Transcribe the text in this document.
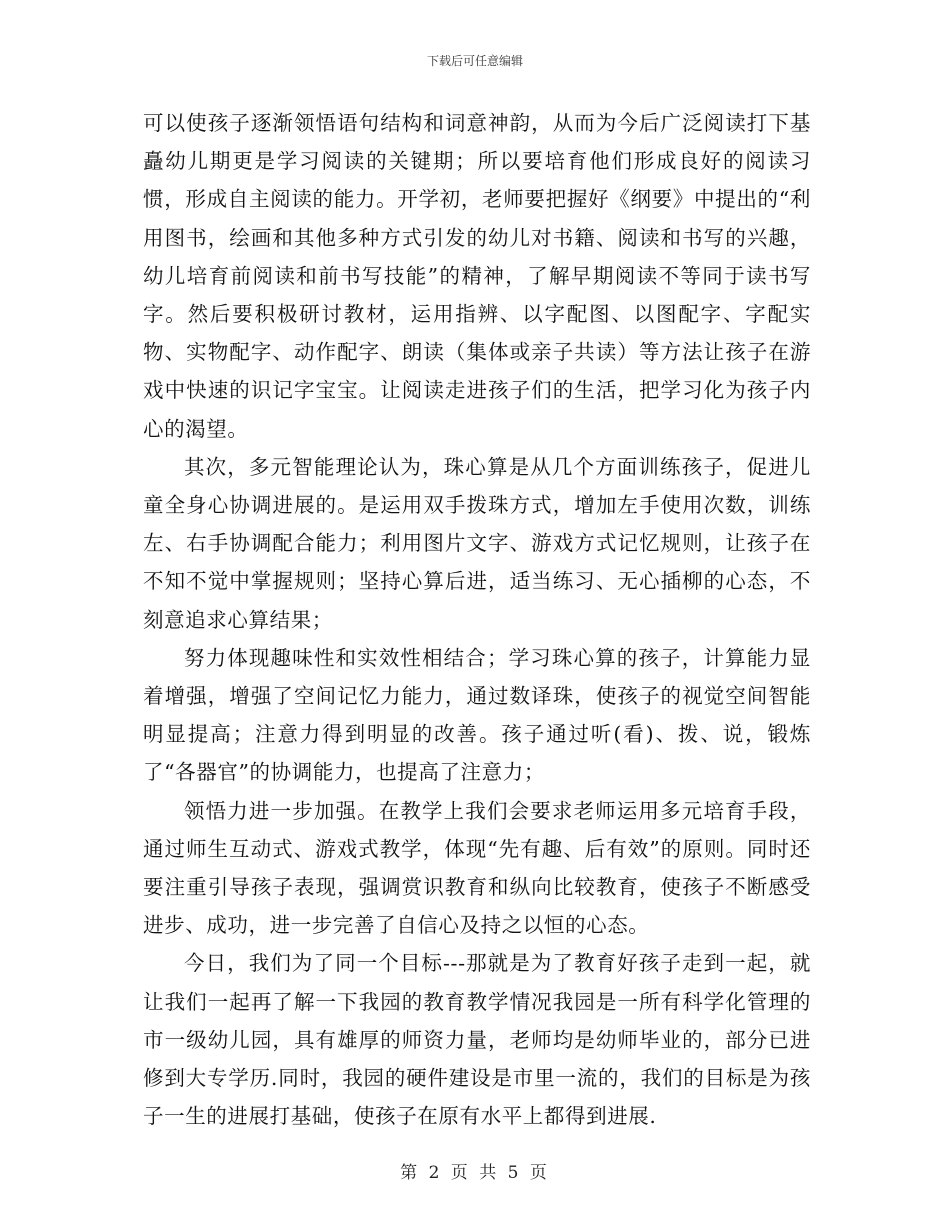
下载后可任意编辑

可以使孩子逐渐领悟语句结构和词意神韵，从而为今后广泛阅读打下基矗幼儿期更是学习阅读的关键期；所以要培育他们形成良好的阅读习惯，形成自主阅读的能力。开学初，老师要把握好《纲要》中提出的“利用图书，绘画和其他多种方式引发的幼儿对书籍、阅读和书写的兴趣，幼儿培育前阅读和前书写技能”的精神，了解早期阅读不等同于读书写字。然后要积极研讨教材，运用指辨、以字配图、以图配字、字配实物、实物配字、动作配字、朗读（集体或亲子共读）等方法让孩子在游戏中快速的识记字宝宝。让阅读走进孩子们的生活，把学习化为孩子内心的渴望。

其次，多元智能理论认为，珠心算是从几个方面训练孩子，促进儿童全身心协调进展的。是运用双手拨珠方式，增加左手使用次数，训练左、右手协调配合能力；利用图片文字、游戏方式记忆规则，让孩子在不知不觉中掌握规则；坚持心算后进，适当练习、无心插柳的心态，不刻意追求心算结果；

努力体现趣味性和实效性相结合；学习珠心算的孩子，计算能力显着增强，增强了空间记忆力能力，通过数译珠，使孩子的视觉空间智能明显提高；注意力得到明显的改善。孩子通过听(看)、拨、说，锻炼了“各器官”的协调能力，也提高了注意力；

领悟力进一步加强。在教学上我们会要求老师运用多元培育手段，通过师生互动式、游戏式教学，体现“先有趣、后有效”的原则。同时还要注重引导孩子表现，强调赏识教育和纵向比较教育，使孩子不断感受进步、成功，进一步完善了自信心及持之以恒的心态。

今日，我们为了同一个目标---那就是为了教育好孩子走到一起，就让我们一起再了解一下我园的教育教学情况我园是一所有科学化管理的市一级幼儿园，具有雄厚的师资力量，老师均是幼师毕业的，部分已进修到大专学历.同时，我园的硬件建设是市里一流的，我们的目标是为孩子一生的进展打基础，使孩子在原有水平上都得到进展.

第 2 页 共 5 页
